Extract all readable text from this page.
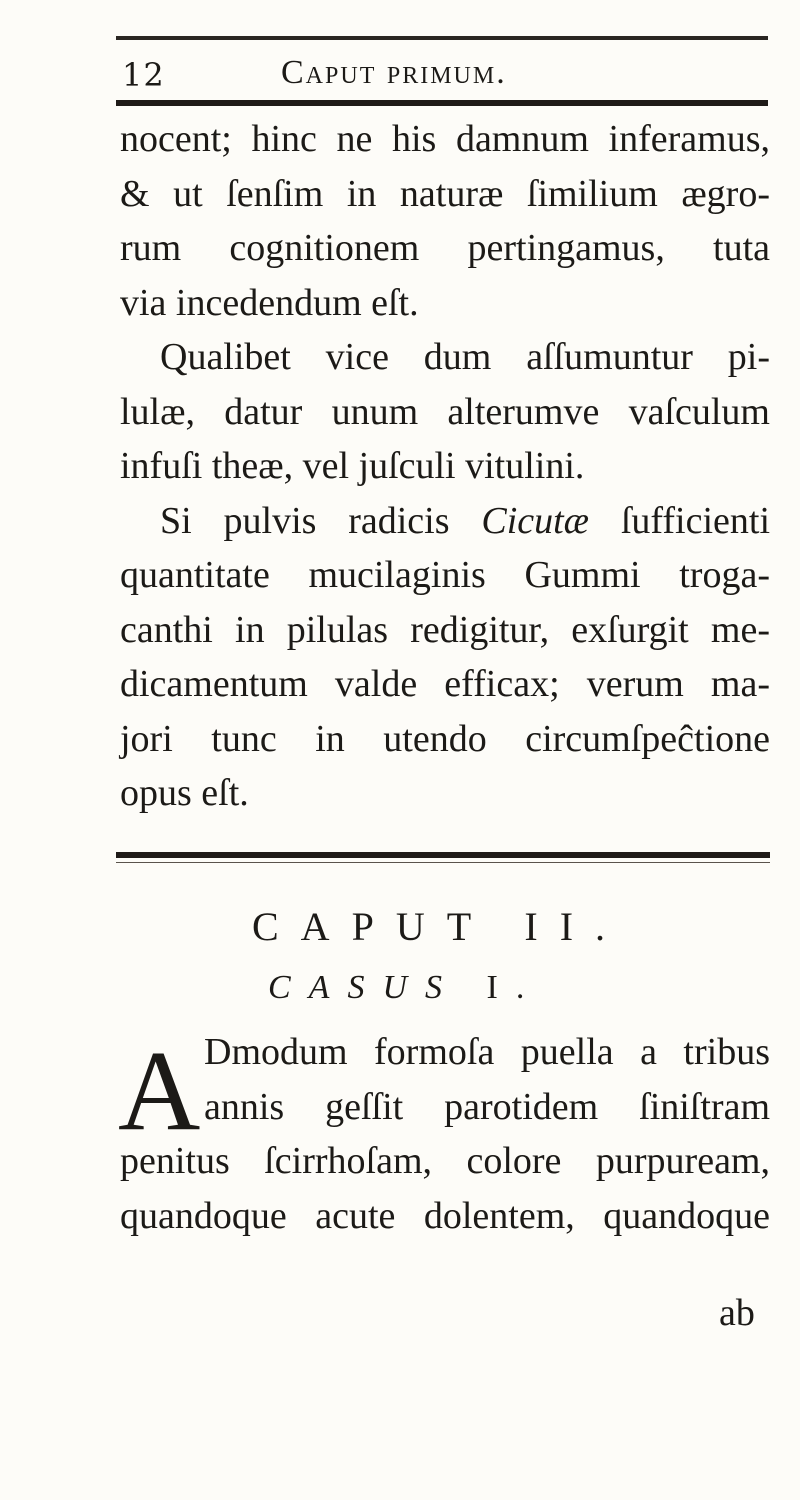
12	Caput primum.
nocent; hinc ne his damnum inferamus,
& ut ſenſim in naturæ ſimilium ægro-
rum cognitionem pertingamus, tuta
via incedendum eſt.
Qualibet vice dum aſſumuntur pi-
lulæ, datur unum alterumve vaſculum
infuſi theæ, vel juſculi vitulini.
Si pulvis radicis Cicutæ ſufficienti
quantitate mucilaginis Gummi troga-
canthi in pilulas redigitur, exſurgit me-
dicamentum valde efficax; verum ma-
jori tunc in utendo circumſpeĉtione
opus eſt.
CAPUT II.
CASUS I.
A Dmodum formoſa puella a tribus
annis geſſit parotidem ſiniſtram
penitus ſcirrhoſam, colore purpuream,
quandoque acute dolentem, quandoque
ab
